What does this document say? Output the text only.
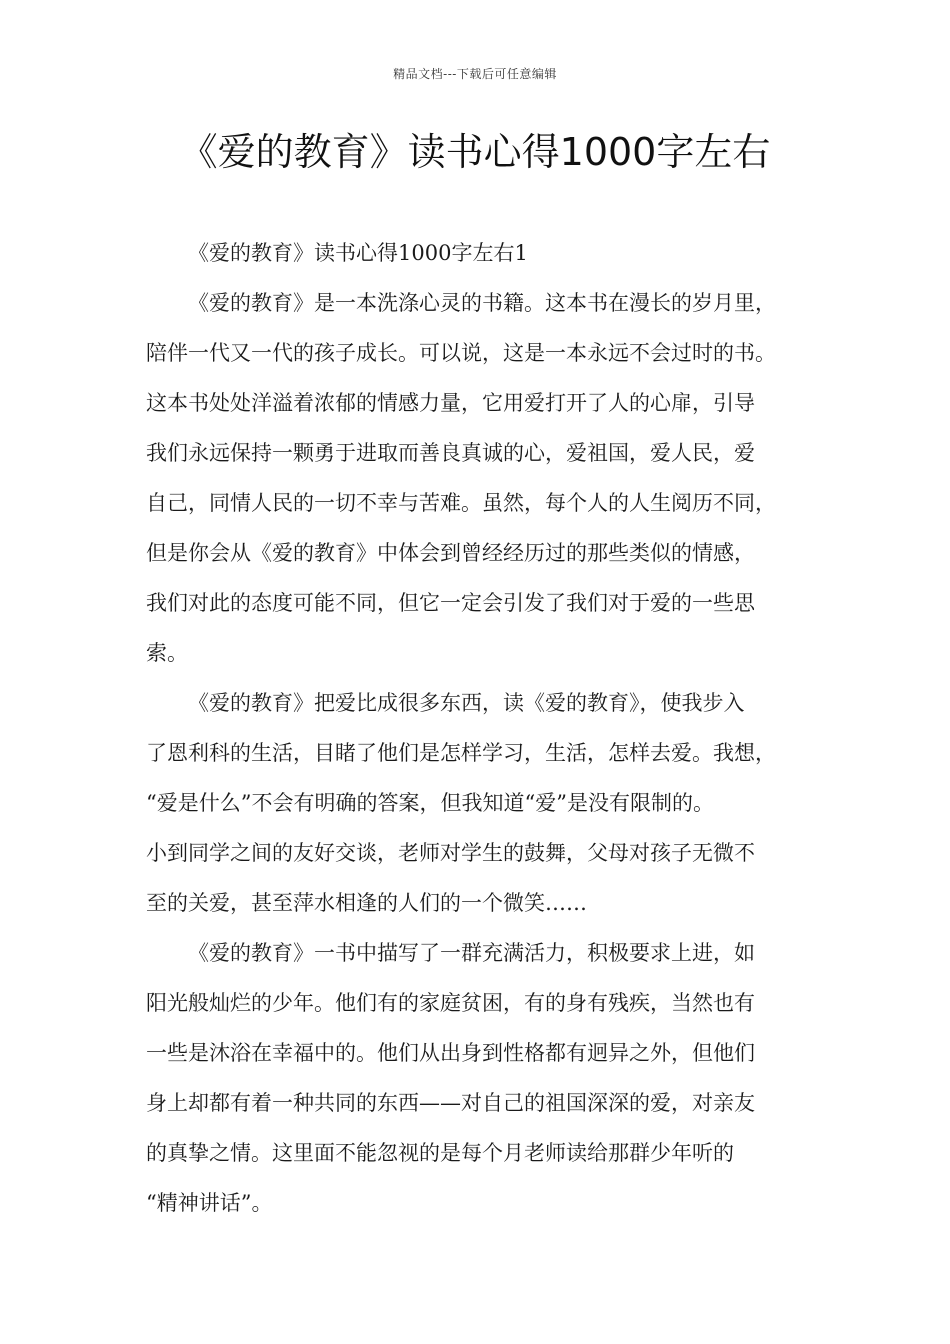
精品文档---下载后可任意编辑
《爱的教育》读书心得1000字左右
《爱的教育》读书心得1000字左右1
《爱的教育》是一本洗涤心灵的书籍。这本书在漫长的岁月里，
陪伴一代又一代的孩子成长。可以说，这是一本永远不会过时的书。
这本书处处洋溢着浓郁的情感力量，它用爱打开了人的心扉，引导
我们永远保持一颗勇于进取而善良真诚的心，爱祖国，爱人民，爱
自己，同情人民的一切不幸与苦难。虽然，每个人的人生阅历不同，
但是你会从《爱的教育》中体会到曾经经历过的那些类似的情感，
我们对此的态度可能不同，但它一定会引发了我们对于爱的一些思
索。
《爱的教育》把爱比成很多东西，读《爱的教育》，使我步入
了恩利科的生活，目睹了他们是怎样学习，生活，怎样去爱。我想，
“爱是什么”不会有明确的答案，但我知道“爱”是没有限制的。
小到同学之间的友好交谈，老师对学生的鼓舞，父母对孩子无微不
至的关爱，甚至萍水相逢的人们的一个微笑……
《爱的教育》一书中描写了一群充满活力，积极要求上进，如
阳光般灿烂的少年。他们有的家庭贫困，有的身有残疾，当然也有
一些是沐浴在幸福中的。他们从出身到性格都有迥异之外，但他们
身上却都有着一种共同的东西——对自己的祖国深深的爱，对亲友
的真挚之情。这里面不能忽视的是每个月老师读给那群少年听的
“精神讲话”。
